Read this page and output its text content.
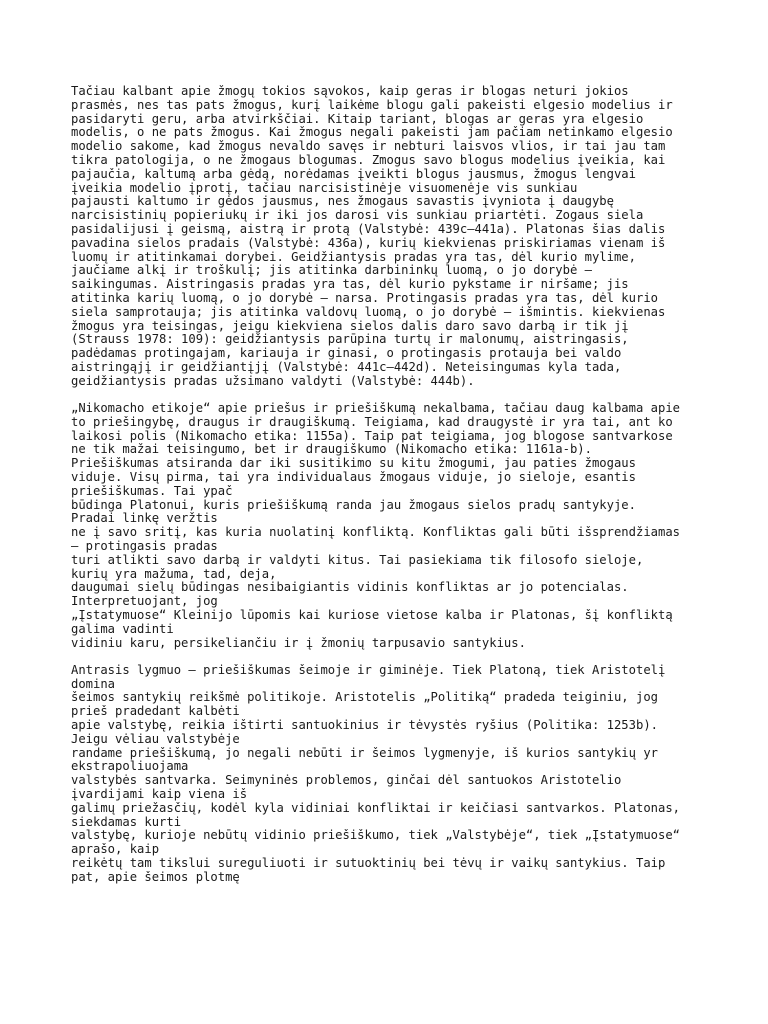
Tačiau kalbant apie žmogų tokios sąvokos, kaip geras ir blogas neturi jokios
prasmės, nes tas pats žmogus, kurį laikėme blogu gali pakeisti elgesio modelius ir
pasidaryti geru, arba atvirkščiai. Kitaip tariant, blogas ar geras yra elgesio
modelis, o ne pats žmogus. Kai žmogus negali pakeisti jam pačiam netinkamo elgesio
modelio sakome, kad žmogus nevaldo savęs ir nebturi laisvos vlios, ir tai jau tam
tikra patologija, o ne žmogaus blogumas. Žmogus savo blogus modelius įveikia, kai
pajaučia, kaltumą arba gėdą, norėdamas įveikti blogus jausmus, žmogus lengvai
įveikia modelio įprotį, tačiau narcisistinėje visuomenėje vis sunkiau
pajausti kaltumo ir gėdos jausmus, nes žmogaus savastis įvyniota į daugybę
narcisistinių popieriukų ir iki jos darosi vis sunkiau priartėti. Žogaus siela
pasidalijusi į geismą, aistrą ir protą (Valstybė: 439c–441a). Platonas šias dalis
pavadina sielos pradais (Valstybė: 436a), kurių kiekvienas priskiriamas vienam iš
luomų ir atitinkamai dorybei. Geidžiantysis pradas yra tas, dėl kurio mylime,
jaučiame alkį ir troškulį; jis atitinka darbininkų luomą, o jo dorybė –
saikingumas. Aistringasis pradas yra tas, dėl kurio pykstame ir niršame; jis
atitinka karių luomą, o jo dorybė – narsa. Protingasis pradas yra tas, dėl kurio
siela samprotauja; jis atitinka valdovų luomą, o jo dorybė – išmintis. kiekvienas
žmogus yra teisingas, jeigu kiekviena sielos dalis daro savo darbą ir tik jį
(Strauss 1978: 109): geidžiantysis parūpina turtų ir malonumų, aistringasis,
padėdamas protingajam, kariauja ir ginasi, o protingasis protauja bei valdo
aistringąjį ir geidžiantįjį (Valstybė: 441c–442d). Neteisingumas kyla tada,
geidžiantysis pradas užsimano valdyti (Valstybė: 444b).
„Nikomacho etikoje“ apie priešus ir priešiškumą nekalbama, tačiau daug kalbama apie
to priešingybę, draugus ir draugiškumą. Teigiama, kad draugystė ir yra tai, ant ko
laikosi polis (Nikomacho etika: 1155a). Taip pat teigiama, jog blogose santvarkose
ne tik mažai teisingumo, bet ir draugiškumo (Nikomacho etika: 1161a-b).
Priešiškumas atsiranda dar iki susitikimo su kitu žmogumi, jau paties žmogaus
viduje. Visų pirma, tai yra individualaus žmogaus viduje, jo sieloje, esantis
priešiškumas. Tai ypač
būdinga Platonui, kuris priešiškumą randa jau žmogaus sielos pradų santykyje.
Pradai linkę veržtis
ne į savo sritį, kas kuria nuolatinį konfliktą. Konfliktas gali būti išsprendžiamas
– protingasis pradas
turi atlikti savo darbą ir valdyti kitus. Tai pasiekiama tik filosofo sieloje,
kurių yra mažuma, tad, deja,
daugumai sielų būdingas nesibaigiantis vidinis konfliktas ar jo potencialas.
Interpretuojant, jog
„Įstatymuose“ Kleinijo lūpomis kai kuriose vietose kalba ir Platonas, šį konfliktą
galima vadinti
vidiniu karu, persikeliančiu ir į žmonių tarpusavio santykius.
Antrasis lygmuo – priešiškumas šeimoje ir giminėje. Tiek Platoną, tiek Aristotelį
domina
šeimos santykių reikšmė politikoje. Aristotelis „Politiką“ pradeda teiginiu, jog
prieš pradedant kalbėti
apie valstybę, reikia ištirti santuokinius ir tėvystės ryšius (Politika: 1253b).
Jeigu vėliau valstybėje
randame priešiškumą, jo negali nebūti ir šeimos lygmenyje, iš kurios santykių yr
ekstrapoliuojama
valstybės santvarka. Šeimyninės problemos, ginčai dėl santuokos Aristotelio
įvardijami kaip viena iš
galimų priežasčių, kodėl kyla vidiniai konfliktai ir keičiasi santvarkos. Platonas,
siekdamas kurti
valstybę, kurioje nebūtų vidinio priešiškumo, tiek „Valstybėje“, tiek „Įstatymuose“
aprašo, kaip
reikėtų tam tikslui sureguliuoti ir sutuoktinių bei tėvų ir vaikų santykius. Taip
pat, apie šeimos plotmę
